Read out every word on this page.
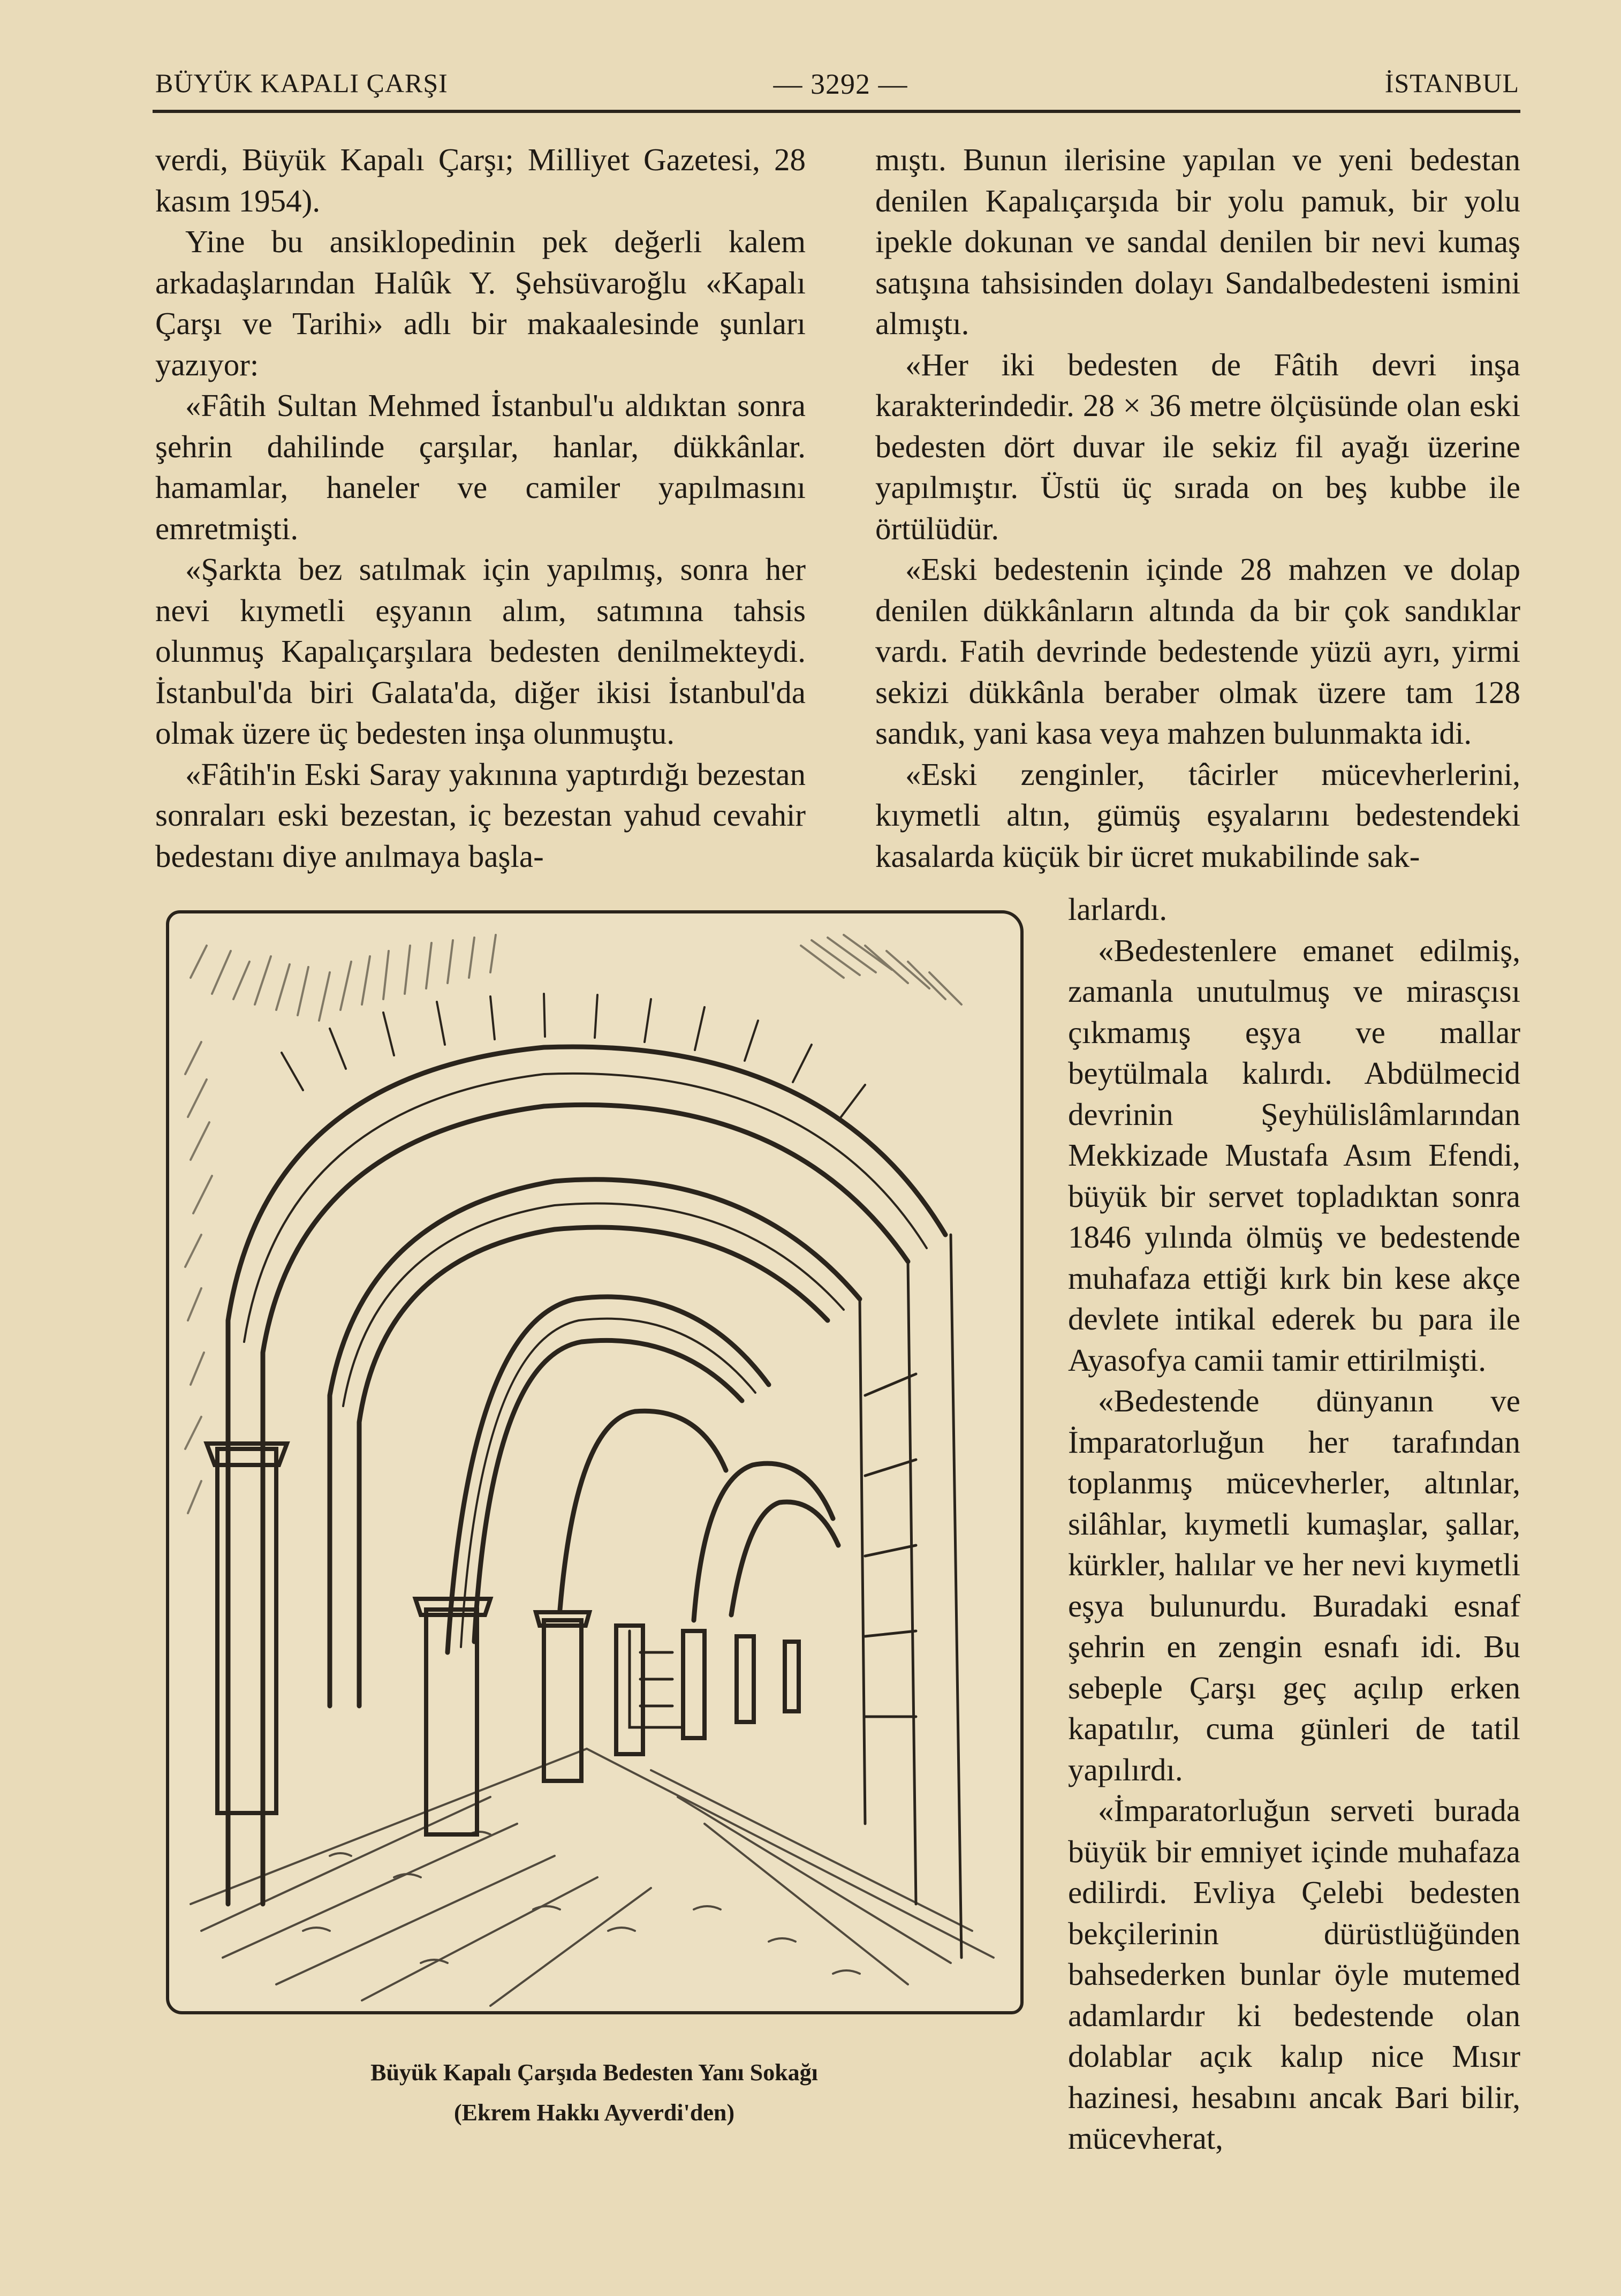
BÜYÜK KAPALI ÇARŞI	— 3292 —	İSTANBUL

verdi, Büyük Kapalı Çarşı; Milliyet Gazetesi, 28 kasım 1954).

Yine bu ansiklopedinin pek değerli kalem arkadaşlarından Halûk Y. Şehsüvaroğlu «Kapalı Çarşı ve Tarihi» adlı bir makaalesinde şunları yazıyor:

«Fâtih Sultan Mehmed İstanbul'u aldıktan sonra şehrin dahilinde çarşılar, hanlar, dükkânlar. hamamlar, haneler ve camiler yapılmasını emretmişti.

«Şarkta bez satılmak için yapılmış, sonra her nevi kıymetli eşyanın alım, satımına tahsis olunmuş Kapalıçarşılara bedesten denilmekteydi. İstanbul'da biri Galata'da, diğer ikisi İstanbul'da olmak üzere üç bedesten inşa olunmuştu.

«Fâtih'in Eski Saray yakınına yaptırdığı bezestan sonraları eski bezestan, iç bezestan yahud cevahir bedestanı diye anılmaya başla-

mıştı. Bunun ilerisine yapılan ve yeni bedestan denilen Kapalıçarşıda bir yolu pamuk, bir yolu ipekle dokunan ve sandal denilen bir nevi kumaş satışına tahsisinden dolayı Sandalbedesteni ismini almıştı.

«Her iki bedesten de Fâtih devri inşa karakterindedir. 28 × 36 metre ölçüsünde olan eski bedesten dört duvar ile sekiz fil ayağı üzerine yapılmıştır. Üstü üç sırada on beş kubbe ile örtülüdür.

«Eski bedestenin içinde 28 mahzen ve dolap denilen dükkânların altında da bir çok sandıklar vardı. Fatih devrinde bedestende yüzü ayrı, yirmi sekizi dükkânla beraber olmak üzere tam 128 sandık, yani kasa veya mahzen bulunmakta idi.

«Eski zenginler, tâcirler mücevherlerini, kıymetli altın, gümüş eşyalarını bedestendeki kasalarda küçük bir ücret mukabilinde sak-

larlardı.

«Bedestenlere emanet edilmiş, zamanla unutulmuş ve mirasçısı çıkmamış eşya ve mallar beytülmala kalırdı. Abdülmecid devrinin Şeyhülislâmlarından Mekkizade Mustafa Asım Efendi, büyük bir servet topladıktan sonra 1846 yılında ölmüş ve bedestende muhafaza ettiği kırk bin kese akçe devlete intikal ederek bu para ile Ayasofya camii tamir ettirilmişti.

«Bedestende dünyanın ve İmparatorluğun her tarafından toplanmış mücevherler, altınlar, silâhlar, kıymetli kumaşlar, şallar, kürkler, halılar ve her nevi kıymetli eşya bulunurdu. Buradaki esnaf şehrin en zengin esnafı idi. Bu sebeple Çarşı geç açılıp erken kapatılır, cuma günleri de tatil yapılırdı.

«İmparatorluğun serveti burada büyük bir emniyet içinde muhafaza edilirdi. Evliya Çelebi bedesten bekçilerinin dürüstlüğünden bahsederken bunlar öyle mutemed adamlardır ki bedestende olan dolablar açık kalıp nice Mısır hazinesi, hesabını ancak Bari bilir, mücevherat,

Büyük Kapalı Çarşıda Bedesten Yanı Sokağı
(Ekrem Hakkı Ayverdi'den)
